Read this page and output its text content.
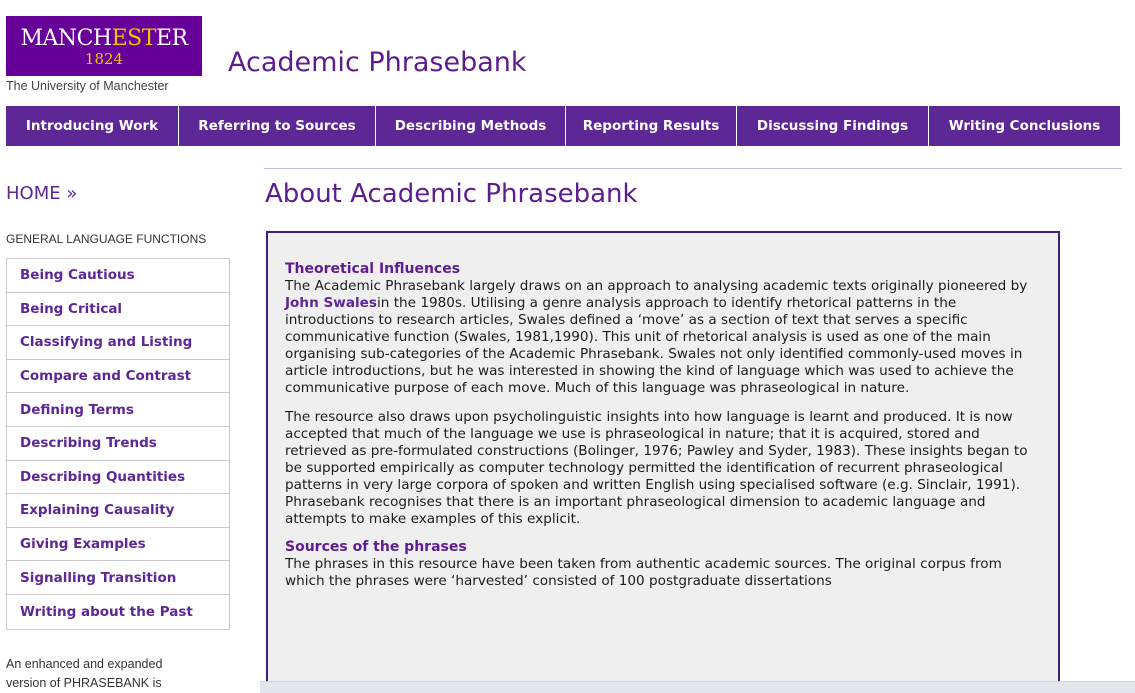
MANCHESTER
1824
The University of Manchester
Academic Phrasebank
Introducing Work	Referring to Sources	Describing Methods	Reporting Results	Discussing Findings	Writing Conclusions
HOME »
GENERAL LANGUAGE FUNCTIONS
Being Cautious
Being Critical
Classifying and Listing
Compare and Contrast
Defining Terms
Describing Trends
Describing Quantities
Explaining Causality
Giving Examples
Signalling Transition
Writing about the Past
An enhanced and expanded version of PHRASEBANK is
About Academic Phrasebank
Theoretical Influences

The Academic Phrasebank largely draws on an approach to analysing academic texts originally pioneered by John Swalesin the 1980s. Utilising a genre analysis approach to identify rhetorical patterns in the introductions to research articles, Swales defined a ‘move’ as a section of text that serves a specific communicative function (Swales, 1981,1990). This unit of rhetorical analysis is used as one of the main organising sub-categories of the Academic Phrasebank. Swales not only identified commonly-used moves in article introductions, but he was interested in showing the kind of language which was used to achieve the communicative purpose of each move. Much of this language was phraseological in nature.

The resource also draws upon psycholinguistic insights into how language is learnt and produced. It is now accepted that much of the language we use is phraseological in nature; that it is acquired, stored and retrieved as pre-formulated constructions (Bolinger, 1976; Pawley and Syder, 1983). These insights began to be supported empirically as computer technology permitted the identification of recurrent phraseological patterns in very large corpora of spoken and written English using specialised software (e.g. Sinclair, 1991). Phrasebank recognises that there is an important phraseological dimension to academic language and attempts to make examples of this explicit.

Sources of the phrases

The phrases in this resource have been taken from authentic academic sources. The original corpus from which the phrases were ‘harvested’ consisted of 100 postgraduate dissertations
